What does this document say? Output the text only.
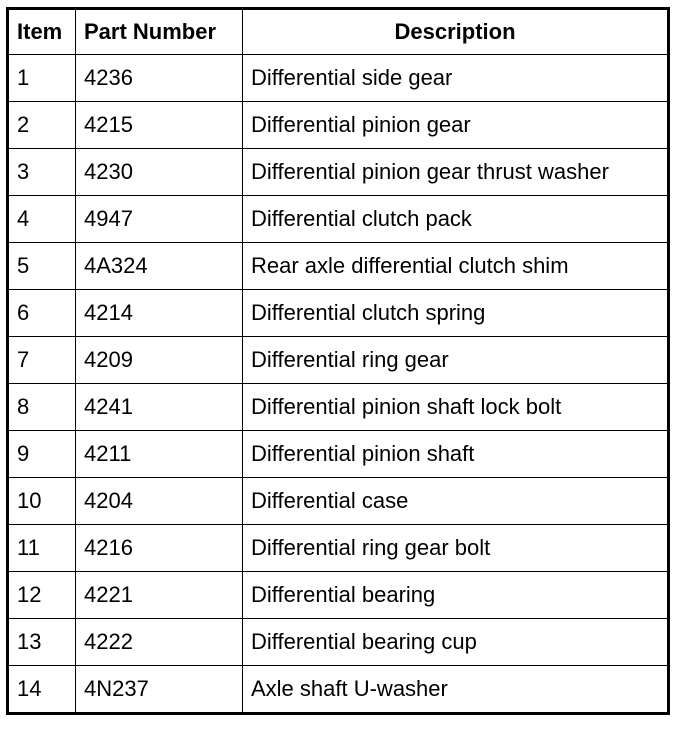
Item	Part Number	Description
1	4236	Differential side gear
2	4215	Differential pinion gear
3	4230	Differential pinion gear thrust washer
4	4947	Differential clutch pack
5	4A324	Rear axle differential clutch shim
6	4214	Differential clutch spring
7	4209	Differential ring gear
8	4241	Differential pinion shaft lock bolt
9	4211	Differential pinion shaft
10	4204	Differential case
11	4216	Differential ring gear bolt
12	4221	Differential bearing
13	4222	Differential bearing cup
14	4N237	Axle shaft U-washer
